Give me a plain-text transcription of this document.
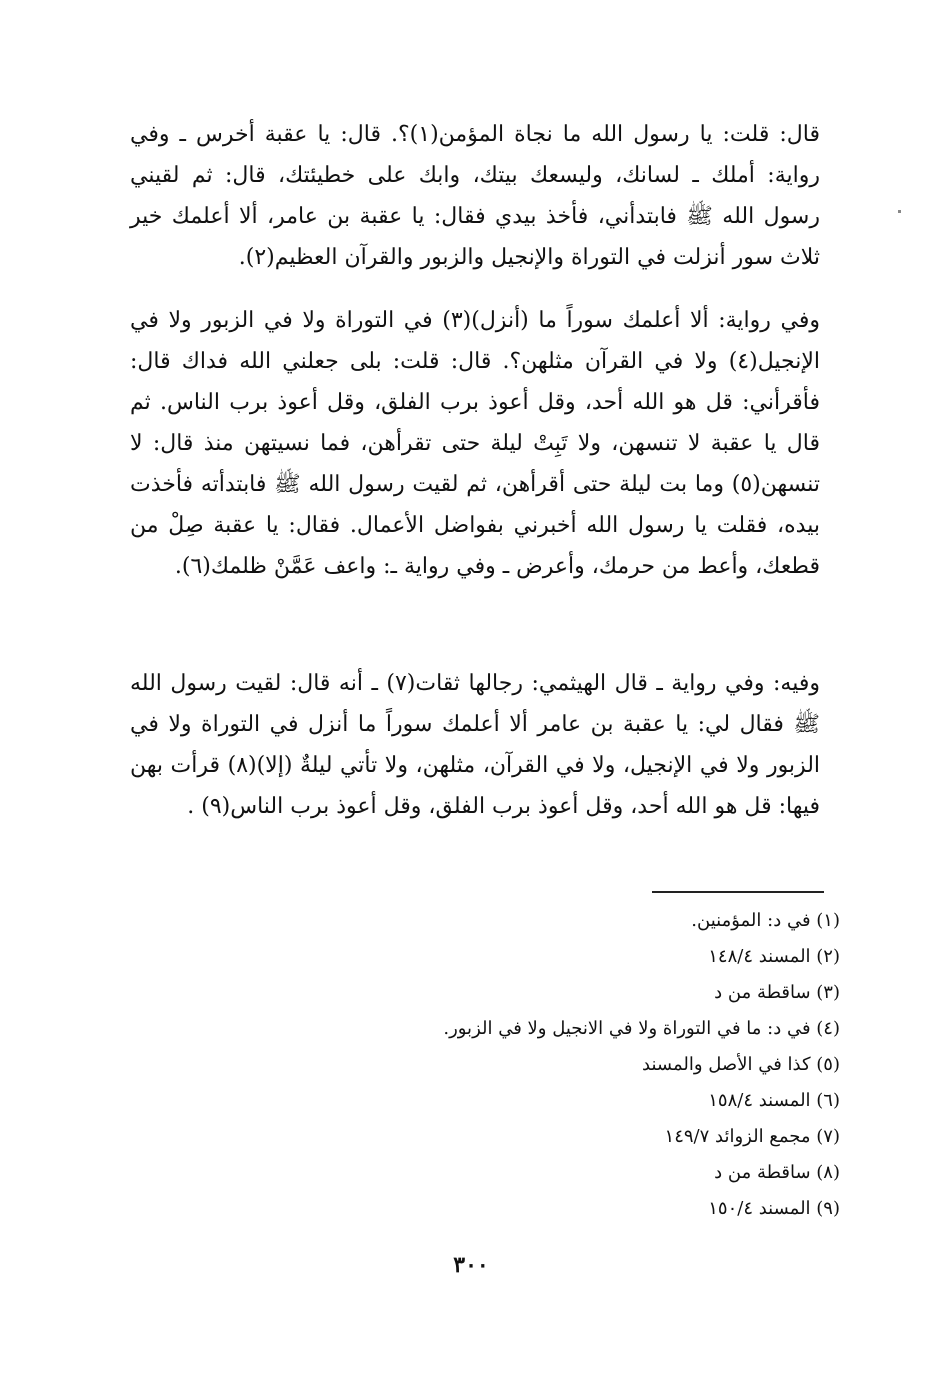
قال: قلت: يا رسول الله ما نجاة المؤمن(١)؟. قال: يا عقبة أخرس ـ وفي رواية: أملك ـ لسانك، وليسعك بيتك، وابك على خطيئتك، قال: ثم لقيني رسول الله ﷺ فابتدأني، فأخذ بيدي فقال: يا عقبة بن عامر، ألا أعلمك خير ثلاث سور أنزلت في التوراة والإنجيل والزبور والقرآن العظيم(٢).

وفي رواية: ألا أعلمك سوراً ما (أنزل)(٣) في التوراة ولا في الزبور ولا في الإنجيل(٤) ولا في القرآن مثلهن؟. قال: قلت: بلى جعلني الله فداك قال: فأقرأني: قل هو الله أحد، وقل أعوذ برب الفلق، وقل أعوذ برب الناس. ثم قال يا عقبة لا تنسهن، ولا تَبِتْ ليلة حتى تقرأهن، فما نسيتهن منذ قال: لا تنسهن(٥) وما بت ليلة حتى أقرأهن، ثم لقيت رسول الله ﷺ فابتدأته فأخذت بيده، فقلت يا رسول الله أخبرني بفواضل الأعمال. فقال: يا عقبة صِلْ من قطعك، وأعط من حرمك، وأعرض ـ وفي رواية ـ: واعف عَمَّنْ ظلمك(٦).

وفيه: وفي رواية ـ قال الهيثمي: رجالها ثقات(٧) ـ أنه قال: لقيت رسول الله ﷺ فقال لي: يا عقبة بن عامر ألا أعلمك سوراً ما أنزل في التوراة ولا في الزبور ولا في الإنجيل، ولا في القرآن، مثلهن، ولا تأتي ليلةٌ (إلا)(٨) قرأت بهن فيها: قل هو الله أحد، وقل أعوذ برب الفلق، وقل أعوذ برب الناس(٩) .

(١) في د: المؤمنين.
(٢) المسند ١٤٨/٤
(٣) ساقطة من د
(٤) في د: ما في التوراة ولا في الانجيل ولا في الزبور.
(٥) كذا في الأصل والمسند
(٦) المسند ١٥٨/٤
(٧) مجمع الزوائد ١٤٩/٧
(٨) ساقطة من د
(٩) المسند ١٥٠/٤
٣٠٠
